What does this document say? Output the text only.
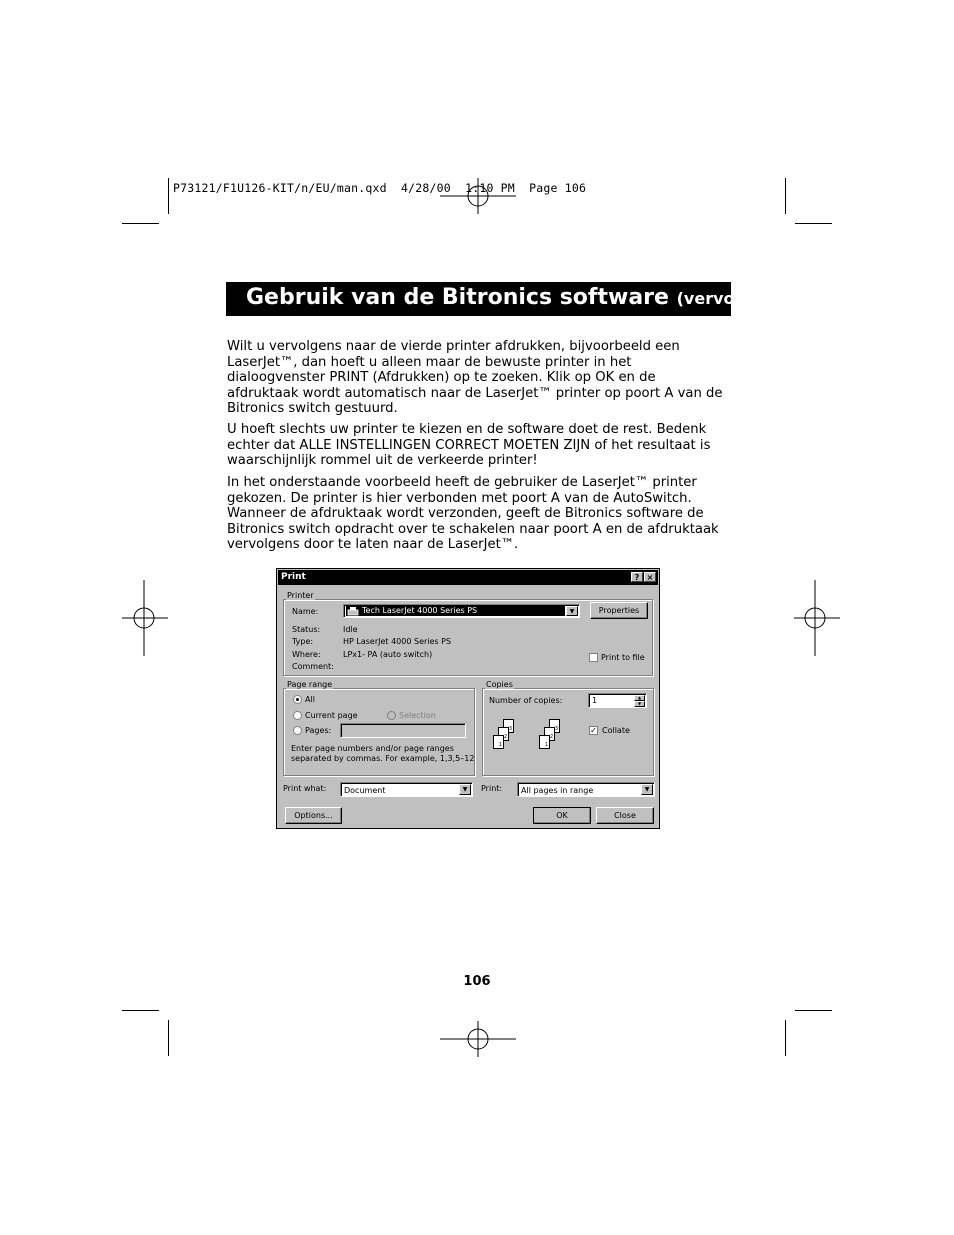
P73121/F1U126-KIT/n/EU/man.qxd  4/28/00  1:10 PM  Page 106
Gebruik van de Bitronics software (vervolg)
Wilt u vervolgens naar de vierde printer afdrukken, bijvoorbeeld een LaserJet™, dan hoeft u alleen maar de bewuste printer in het dialoogvenster PRINT (Afdrukken) op te zoeken. Klik op OK en de afdruktaak wordt automatisch naar de LaserJet™ printer op poort A van de Bitronics switch gestuurd.
U hoeft slechts uw printer te kiezen en de software doet de rest. Bedenk echter dat ALLE INSTELLINGEN CORRECT MOETEN ZIJN of het resultaat is waarschijnlijk rommel uit de verkeerde printer!
In het onderstaande voorbeeld heeft de gebruiker de LaserJet™ printer gekozen. De printer is hier verbonden met poort A van de AutoSwitch. Wanneer de afdruktaak wordt verzonden, geeft de Bitronics software de Bitronics switch opdracht over te schakelen naar poort A en de afdruktaak vervolgens door te laten naar de LaserJet™.
Print	? ×
Printer
Name:	Tech LaserJet 4000 Series PS	▼	Properties
Status:	Idle
Type:	HP LaserJet 4000 Series PS
Where:	LPx1- PA (auto switch)
Comment:
Print to file
Page range
All
Current page	Selection
Pages:
Enter page numbers and/or page ranges
separated by commas. For example, 1,3,5–12
Copies
Number of copies:	1	▲
▼
3
2
1
3
2
1
✓ Collate
Print what: Document	▼	Print: All pages in range	▼
Options...	OK	Close
106
